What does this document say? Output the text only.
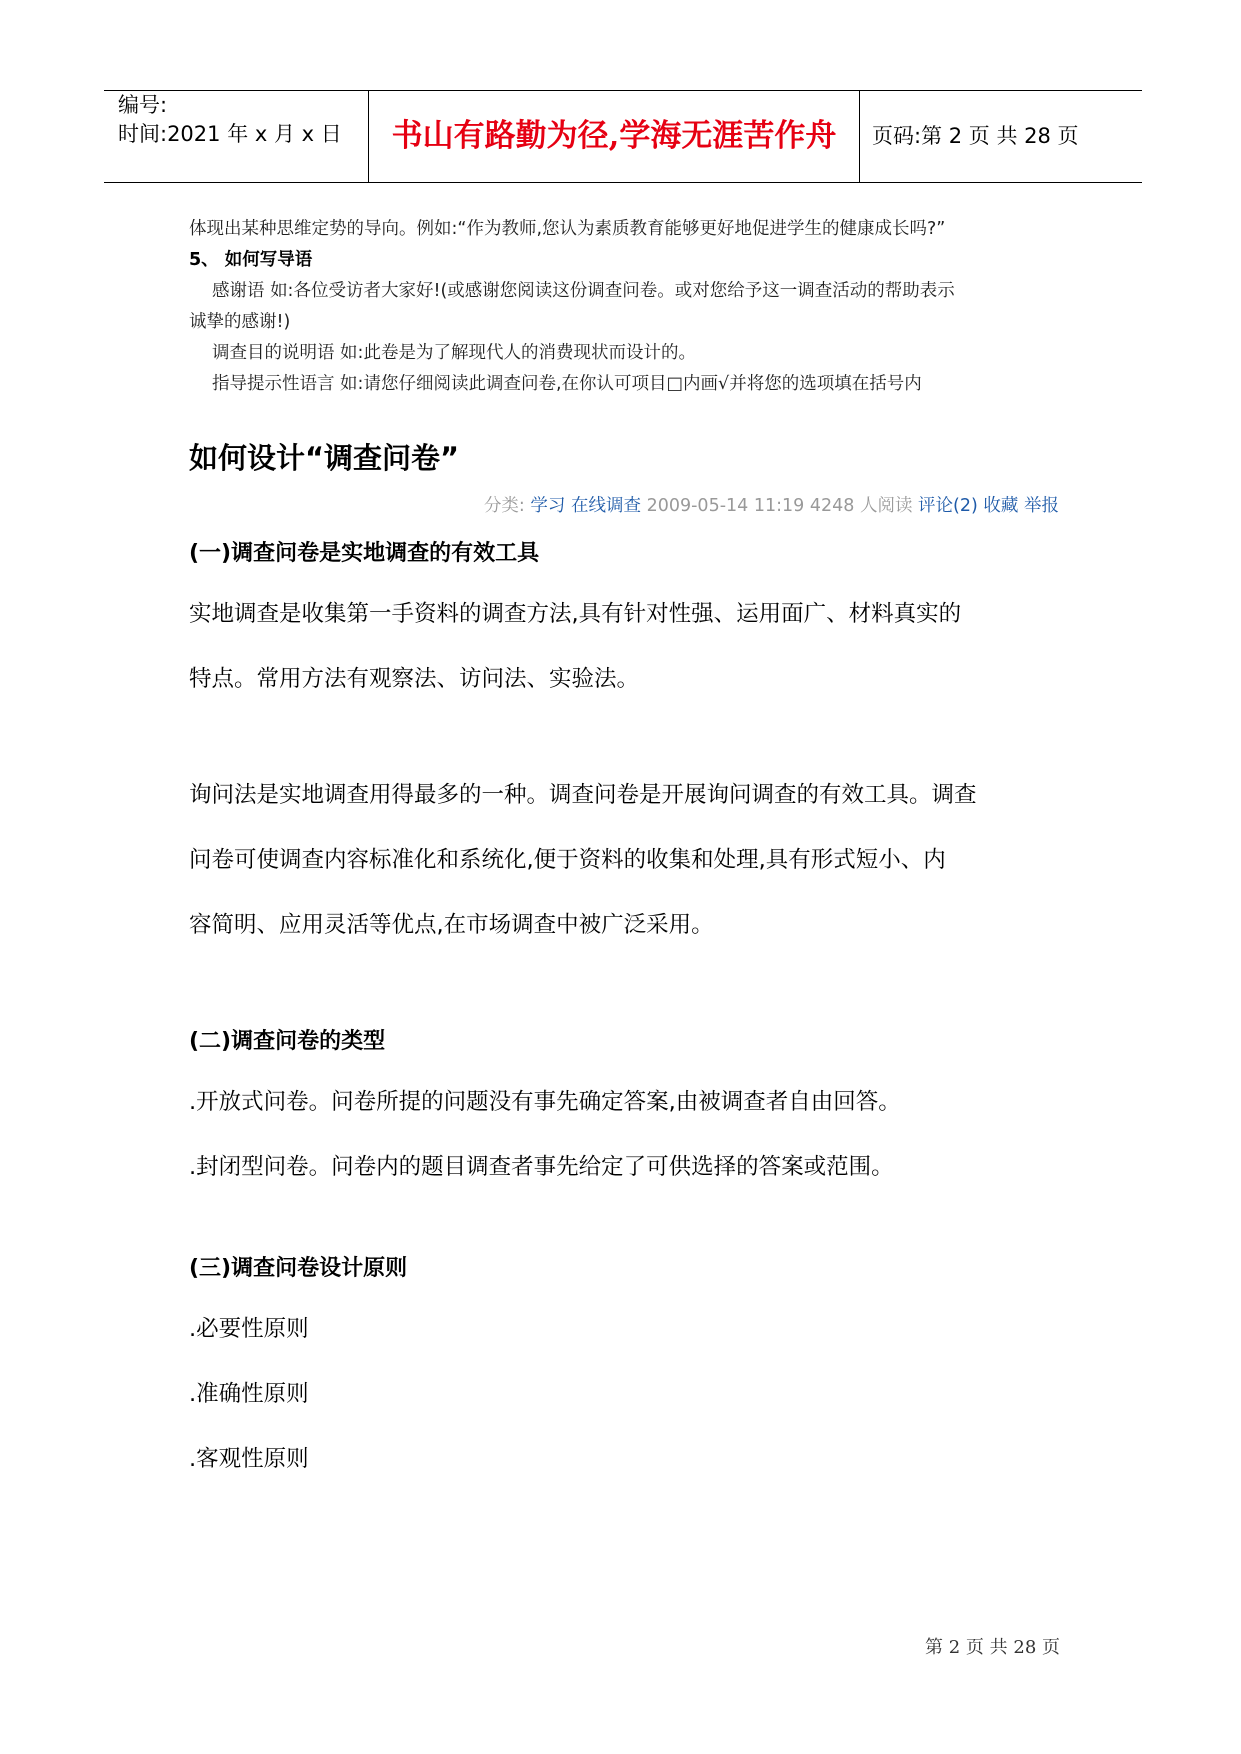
编号:
时间:2021 年 x 月 x 日	书山有路勤为径,学海无涯苦作舟	页码:第 2 页 共 28 页
体现出某种思维定势的导向。例如:“作为教师,您认为素质教育能够更好地促进学生的健康成长吗?”
5、 如何写导语
感谢语 如:各位受访者大家好!(或感谢您阅读这份调查问卷。或对您给予这一调查活动的帮助表示
诚挚的感谢!)
调查目的说明语 如:此卷是为了解现代人的消费现状而设计的。
指导提示性语言 如:请您仔细阅读此调查问卷,在你认可项目□内画√并将您的选项填在括号内
如何设计“调查问卷”
分类: 学习 在线调查 2009-05-14 11:19 4248 人阅读 评论(2) 收藏 举报
(一)调查问卷是实地调查的有效工具
实地调查是收集第一手资料的调查方法,具有针对性强、运用面广、材料真实的
特点。常用方法有观察法、访问法、实验法。
询问法是实地调查用得最多的一种。调查问卷是开展询问调查的有效工具。调查
问卷可使调查内容标准化和系统化,便于资料的收集和处理,具有形式短小、内
容简明、应用灵活等优点,在市场调查中被广泛采用。
(二)调查问卷的类型
.开放式问卷。问卷所提的问题没有事先确定答案,由被调查者自由回答。
.封闭型问卷。问卷内的题目调查者事先给定了可供选择的答案或范围。
(三)调查问卷设计原则
.必要性原则
.准确性原则
.客观性原则
第 2 页 共 28 页
